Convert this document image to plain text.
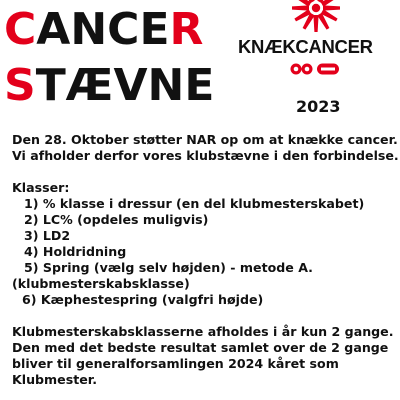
CANCER
STÆVNE

KNÆKCANCER

2023

Den 28. Oktober støtter NAR op om at knække cancer.

Vi afholder derfor vores klubstævne i den forbindelse.

Klasser:

1) % klasse i dressur (en del klubmesterskabet)

2) LC% (opdeles muligvis)

3) LD2

4) Holdridning

5) Spring (vælg selv højden) - metode A.

(klubmesterskabsklasse)

6) Kæphestespring (valgfri højde)

Klubmesterskabsklasserne afholdes i år kun 2 gange.

Den med det bedste resultat samlet over de 2 gange

bliver til generalforsamlingen 2024 kåret som

Klubmester.
